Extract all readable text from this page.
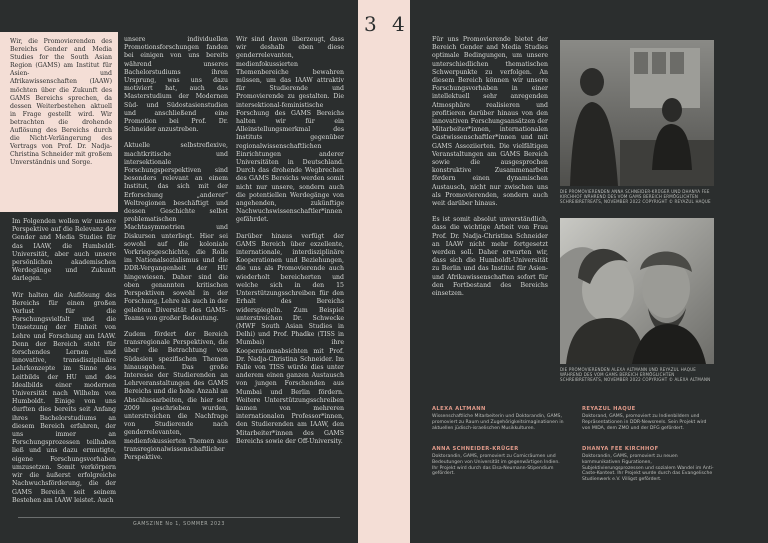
Wir, die Promovierenden des Bereichs Gender and Media Studies for the South Asian Region (GAMS) am Institut für Asien- und Afrikawissenschaften (IAAW) möchten über die Zukunft des GAMS Bereichs sprechen, da dessen Weiterbestehen aktuell in Frage gestellt wird. Wir betrachten die drohende Auflösung des Bereichs durch die Nicht-Verlängerung des Vertrags von Prof. Dr. Nadja-Christina Schneider mit großem Unverständnis und Sorge.

Im Folgenden wollen wir unsere Perspektive auf die Relevanz der Gender and Media Studies für das IAAW, die Humboldt-Universität, aber auch unsere persönlichen akademischen Werdegänge und Zukunft darlegen.

Wir halten die Auflösung des Bereichs für einen großen Verlust für die Forschungsvielfalt und die Umsetzung der Einheit von Lehre und Forschung am IAAW. Denn der Bereich steht für forschendes Lernen und innovative, transdisziplinäre Lehrkonzepte im Sinne des Leitbilds der HU und des Idealbilds einer modernen Universität nach Wilhelm von Humboldt. Einige von uns durften dies bereits seit Anfang ihres Bachelorstudiums an diesem Bereich erfahren, der uns immer an Forschungsprozessen teilhaben ließ und uns dazu ermutigte, eigene Forschungsvorhaben umzusetzen. Somit verkörpern wir die äußerst erfolgreiche Nachwuchsförderung, die der GAMS Bereich seit seinem Bestehen am IAAW leistet. Auch

unsere individuellen Promotionsforschungen fanden bei einigen von uns bereits während unseres Bachelorstudiums ihren Ursprung, was uns dazu motiviert hat, auch das Masterstudium der Modernen Süd- und Südostasienstudien und anschließend eine Promotion bei Prof. Dr. Schneider anzustreben.

Aktuelle selbstreflexive, machtkritische und intersektionale Forschungsperspektiven sind besonders relevant an einem Institut, das sich mit der Erforschung „anderer“ Weltregionen beschäftigt und dessen Geschichte selbst problematischen Machtasymmetrien und Diskursen unterliegt. Hier sei sowohl auf die koloniale Vorkriegsgeschichte, die Rolle im Nationalsozialismus und die DDR-Vergangenheit der HU hingewiesen. Daher sind die oben genannten kritischen Perspektiven sowohl in der Forschung, Lehre als auch in der gelebten Diversität des GAMS-Teams von großer Bedeutung.

Zudem fördert der Bereich transregionale Perspektiven, die über die Betrachtung von Südasien speziﬁschen Themen hinausgehen. Das große Interesse der Studierenden an Lehrveranstaltungen des GAMS Bereichs und die hohe Anzahl an Abschlussarbeiten, die hier seit 2009 geschrieben wurden, unterstreichen die Nachfrage von Studierende nach genderrelevanten, medienfokussierten Themen aus transregionalwissenschaftlicher Perspektive.

Wir sind davon überzeugt, dass wir deshalb eben diese genderrelevanten, medienfokussierten Themenbereiche bewahren müssen, um das IAAW attraktiv für Studierende und Promovierende zu gestalten. Die intersektional-feministische Forschung des GAMS Bereichs halten wir für ein Alleinstellungsmerkmal des Instituts gegenüber regionalwissenschaftlichen Einrichtungen anderer Universitäten in Deutschland. Durch das drohende Wegbrechen des GAMS Bereichs werden somit nicht nur unsere, sondern auch die potentiellen Werdegänge von angehenden, zukünftige Nachwuchswissenschaftler*innen gefährdet.

Darüber hinaus verfügt der GAMS Bereich über exzellente, internationale, interdisziplinäre Kooperationen und Beziehungen, die uns als Promovierende auch wiederholt bereicherten und welche sich in den 15 Unterstützungsschreiben für den Erhalt des Bereichs widerspiegeln. Zum Beispiel unterstreichen Dr. Schwecke (MWF South Asian Studies in Delhi) und Prof. Phadke (TISS in Mumbai) ihre Kooperationsabsichten mit Prof. Dr. Nadja-Christina Schneider. Im Falle von TISS würde dies unter anderem einen ganzen Austausch von jungen Forschenden aus Mumbai und Berlin fördern. Weitere Unterstützungsschreiben kamen von mehreren internationalen Professor*innen, den Studierenden am IAAW, den Mitarbeiter*innen des GAMS Bereichs sowie der Off-University.

GAMSZINE No 1, SOMMER 2023
3 4

Für uns Promovierende bietet der Bereich Gender and Media Studies optimale Bedingungen, um unsere unterschiedlichen thematischen Schwerpunkte zu verfolgen. An diesem Bereich können wir unsere Forschungsvorhaben in einer intellektuell sehr anregenden Atmosphäre realisieren und profitieren darüber hinaus von den innovativen Forschungsansätzen der Mitarbeiter*innen, internationalen Gastwissenschaftler*innen und mit GAMS Assoziierten. Die vielfältigen Veranstaltungen am GAMS Bereich sowie die ausgesprochen konstruktive Zusammenarbeit fördern einen dynamischen Austausch, nicht nur zwischen uns als Promovierenden, sondern auch weit darüber hinaus.

Es ist somit absolut unverständlich, dass die wichtige Arbeit von Frau Prof. Dr. Nadja-Christina Schneider an IAAW nicht mehr fortgesetzt werden soll. Daher erwarten wir, dass sich die Humboldt-Universität zu Berlin und das Institut für Asien- und Afrikawissenschaften sofort für den Fortbestand des Bereichs einsetzen.

DIE PROMOVIERENDEN ANNA SCHNEIDER-KRÜGER UND DHANYA FEE KIRCHHOF WÄHREND DES VOM GAMS BEREICH ERMÖGLICHTEN SCHREIBRETREATS, NOVEMBER 2022 COPYRIGHT © REYAZUL HAQUE
DIE PROMOVIERENDEN ALEXA ALTMANN UND REYAZUL HAQUE WÄHREND DES VOM GAMS BEREICH ERMÖGLICHTEN SCHREIBRETREATS, NOVEMBER 2022 COPYRIGHT © ALEXA ALTMANN
ALEXA ALTMANN
Wissenschaftliche Mitarbeiterin und Doktorandin, GAMS, promoviert zu Raum und Zugehörigkeitsimaginationen in aktuellen jüdisch-israelischen Musikkulturen.
REYAZUL HAQUE
Doktorand, GAMS, promoviert zu Indienbildern und Repräsentationen in DDR-Newsreels. Sein Projekt wird von MIDA, dem ZMO und der DFG gefördert.
ANNA SCHNEIDER-KRÜGER
Doktorandin, GAMS, promoviert zu Comicräumen und Bedeutungen von Universität im gegenwärtigen Indien. Ihr Projekt wird durch das Elsa-Neumann-Stipendium gefördert.
DHANYA FEE KIRCHHOF
Doktorandin, GAMS, promoviert zu neuen kommunikativen Figurationen, Subjektivierungsprozessen und sozialem Wandel im Anti-Caste-Kontext. Ihr Projekt wurde durch das Evangelische Studienwerk e.V. Villigst gefördert.
